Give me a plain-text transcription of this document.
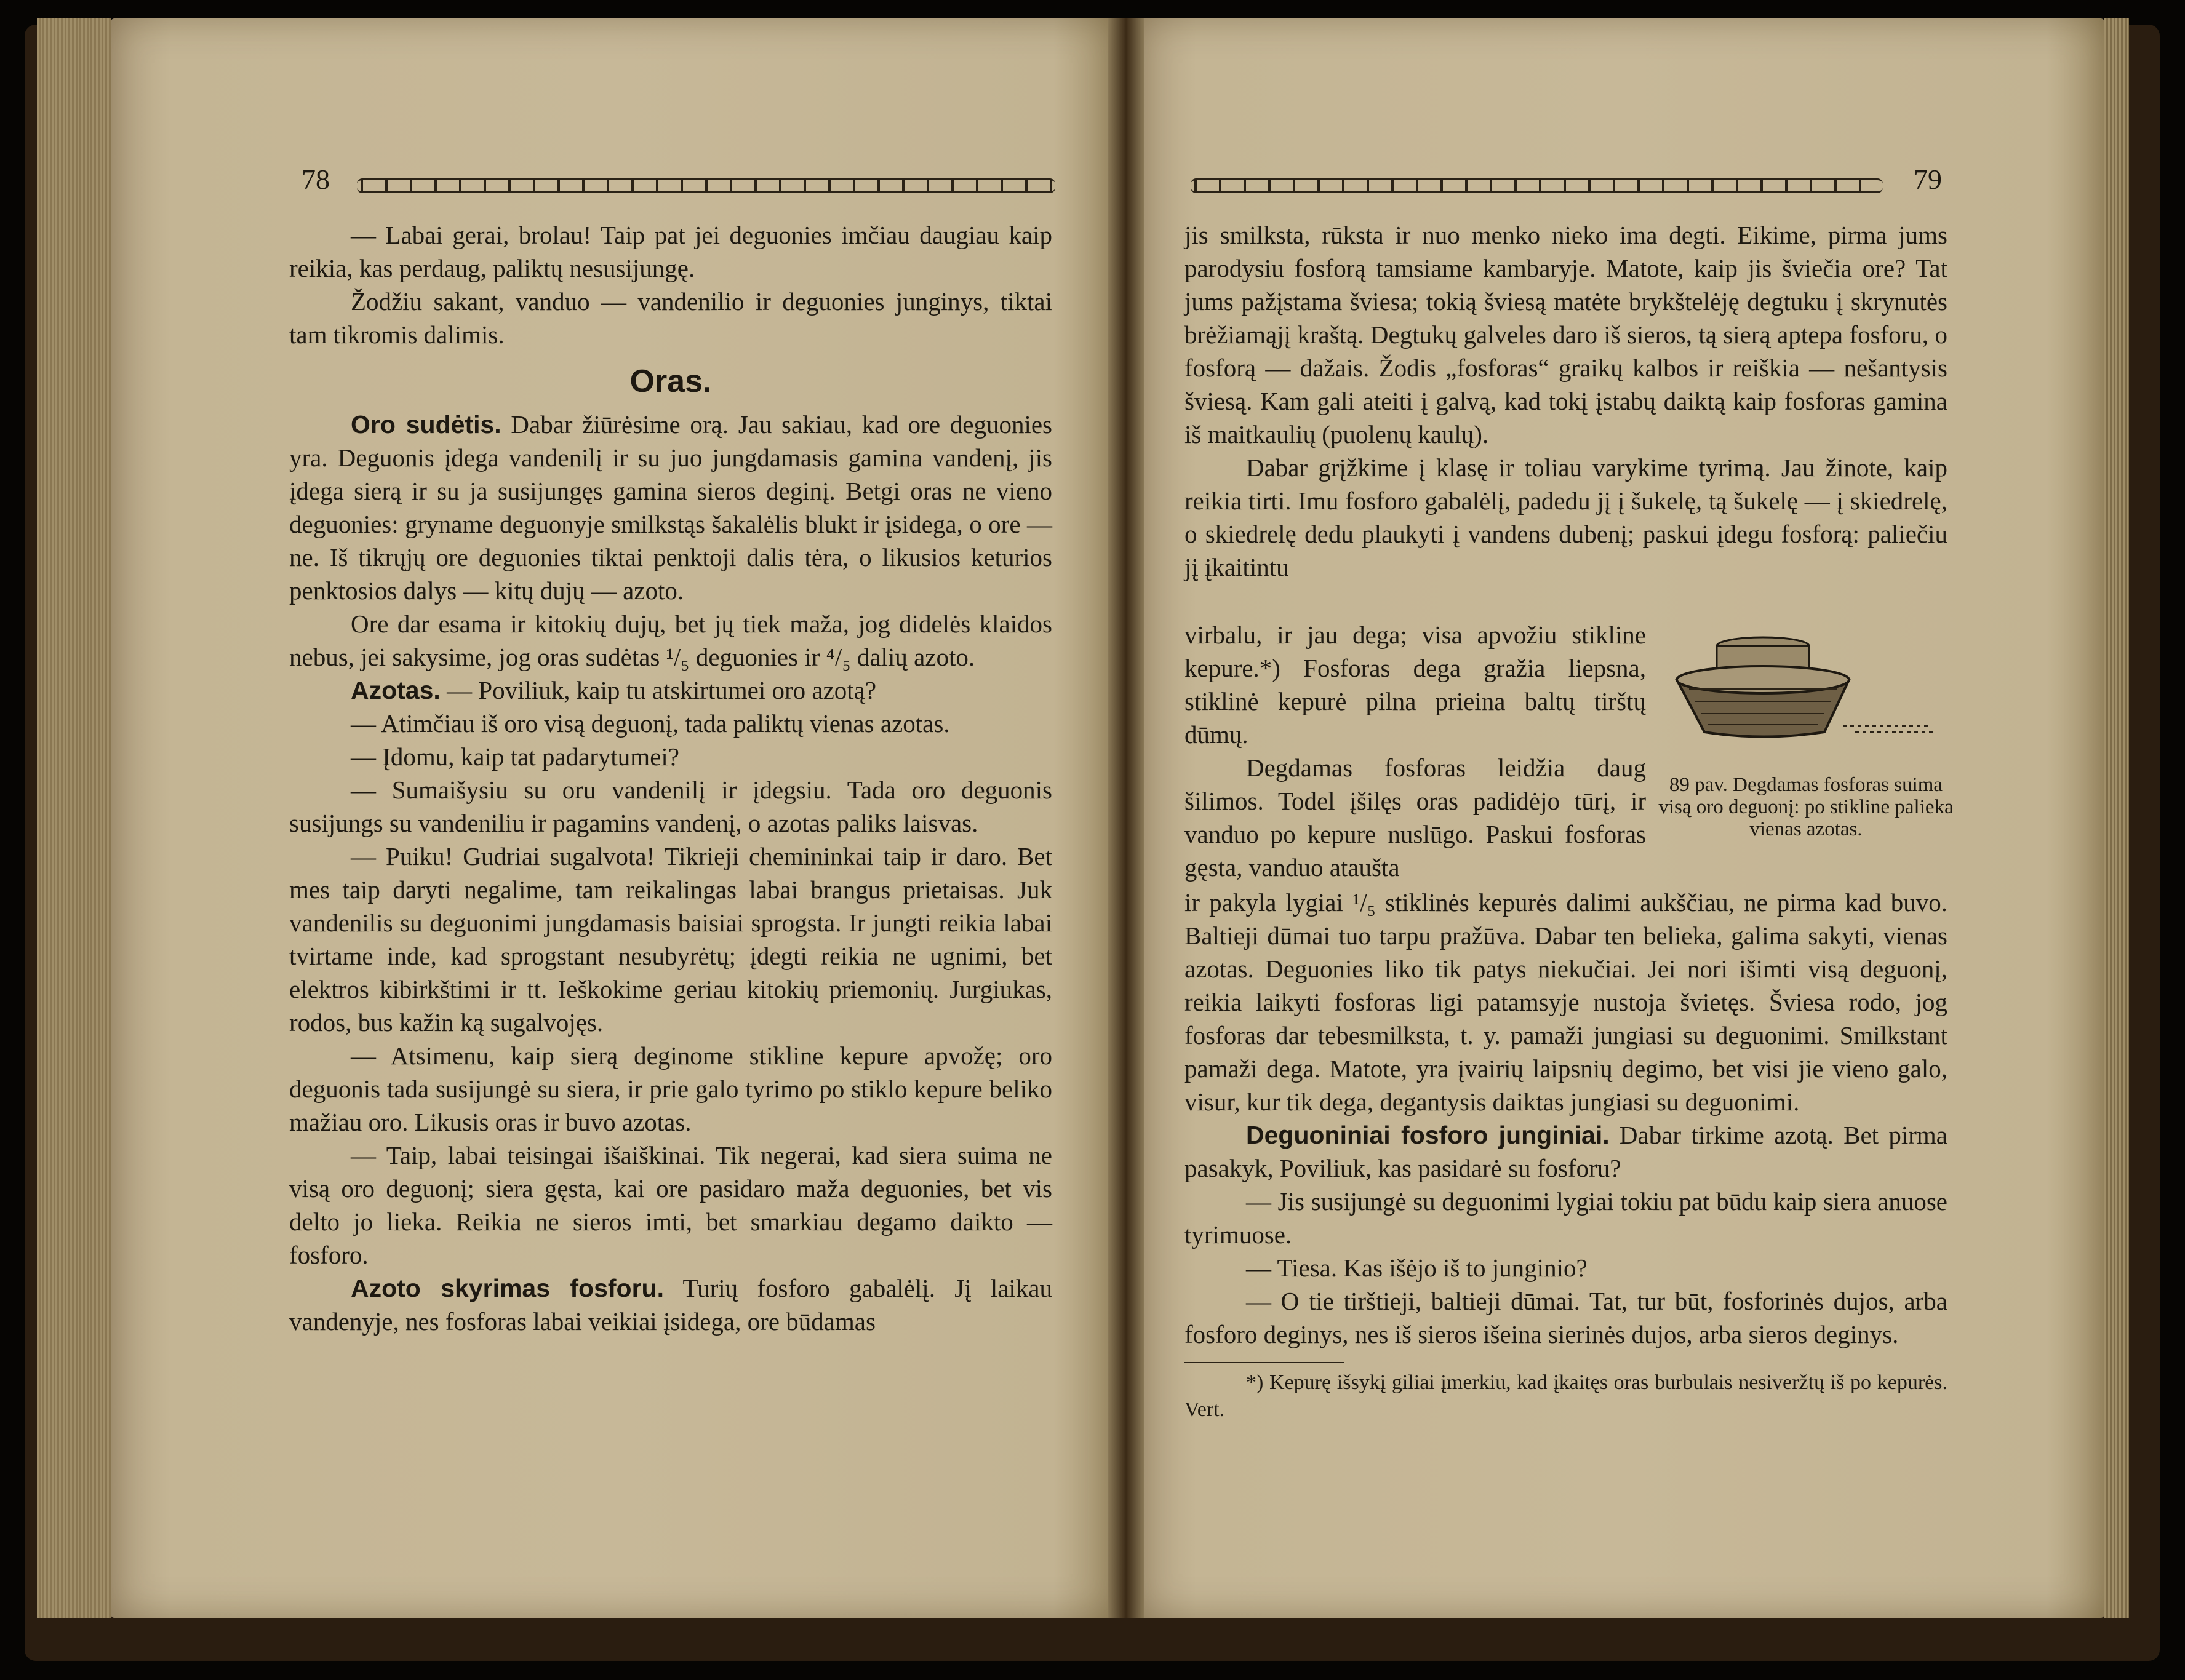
78

— Labai gerai, brolau! Taip pat jei deguonies imčiau daugiau kaip reikia, kas perdaug, paliktų nesusijungę.

Žodžiu sakant, vanduo — vandenilio ir deguonies junginys, tiktai tam tikromis dalimis.

Oras.

Oro sudėtis. Dabar žiūrėsime orą. Jau sakiau, kad ore deguonies yra. Deguonis įdega vandenilį ir su juo jungdamasis gamina vandenį, jis įdega sierą ir su ja susijungęs gamina sieros deginį. Betgi oras ne vieno deguonies: gryname deguonyje smilkstąs šakalėlis blukt ir įsidega, o ore — ne. Iš tikrųjų ore deguonies tiktai penktoji dalis tėra, o likusios keturios penktosios dalys — kitų dujų — azoto.

Ore dar esama ir kitokių dujų, bet jų tiek maža, jog didelės klaidos nebus, jei sakysime, jog oras sudėtas ¹/₅ deguonies ir ⁴/₅ dalių azoto.

Azotas. — Poviliuk, kaip tu atskirtumei oro azotą?

— Atimčiau iš oro visą deguonį, tada paliktų vienas azotas.

— Įdomu, kaip tat padarytumei?

— Sumaišysiu su oru vandenilį ir įdegsiu. Tada oro deguonis susijungs su vandeniliu ir pagamins vandenį, o azotas paliks laisvas.

— Puiku! Gudriai sugalvota! Tikrieji chemininkai taip ir daro. Bet mes taip daryti negalime, tam reikalingas labai brangus prietaisas. Juk vandenilis su deguonimi jungdamasis baisiai sprogsta. Ir jungti reikia labai tvirtame inde, kad sprogstant nesubyrėtų; įdegti reikia ne ugnimi, bet elektros kibirkštimi ir tt. Ieškokime geriau kitokių priemonių. Jurgiukas, rodos, bus kažin ką sugalvojęs.

— Atsimenu, kaip sierą deginome stikline kepure apvožę; oro deguonis tada susijungė su siera, ir prie galo tyrimo po stiklo kepure beliko mažiau oro. Likusis oras ir buvo azotas.

— Taip, labai teisingai išaiškinai. Tik negerai, kad siera suima ne visą oro deguonį; siera gęsta, kai ore pasidaro maža deguonies, bet vis delto jo lieka. Reikia ne sieros imti, bet smarkiau degamo daikto — fosforo.

Azoto skyrimas fosforu. Turių fosforo gabalėlį. Jį laikau vandenyje, nes fosforas labai veikiai įsidega, ore būdamas

79

jis smilksta, rūksta ir nuo menko nieko ima degti. Eikime, pirma jums parodysiu fosforą tamsiame kambaryje. Matote, kaip jis šviečia ore? Tat jums pažįstama šviesa; tokią šviesą matėte brykštelėję degtuku į skrynutės brėžiamąjį kraštą. Degtukų galveles daro iš sieros, tą sierą aptepa fosforu, o fosforą — dažais. Žodis „fosforas“ graikų kalbos ir reiškia — nešantysis šviesą. Kam gali ateiti į galvą, kad tokį įstabų daiktą kaip fosforas gamina iš maitkaulių (puolenų kaulų).

Dabar grįžkime į klasę ir toliau varykime tyrimą. Jau žinote, kaip reikia tirti. Imu fosforo gabalėlį, padedu jį į šukelę, tą šukelę — į skiedrelę, o skiedrelę dedu plaukyti į vandens dubenį; paskui įdegu fosforą: paliečiu jį įkaitintu

virbalu, ir jau dega; visa apvožiu stikline kepure.*) Fosforas dega gražia liepsna, stiklinė kepurė pilna prieina baltų tirštų dūmų.

Degdamas fosforas leidžia daug šilimos. Todel įšilęs oras padidėjo tūrį, ir vanduo po kepure nuslūgo. Paskui fosforas gęsta, vanduo ataušta

89 pav. Degdamas fosforas suima visą oro deguonį: po stikline palieka vienas azotas.

ir pakyla lygiai ¹/₅ stiklinės kepurės dalimi aukščiau, ne pirma kad buvo. Baltieji dūmai tuo tarpu pražūva. Dabar ten belieka, galima sakyti, vienas azotas. Deguonies liko tik patys niekučiai. Jei nori išimti visą deguonį, reikia laikyti fosforas ligi patamsyje nustoja švietęs. Šviesa rodo, jog fosforas dar tebesmilksta, t. y. pamaži jungiasi su deguonimi. Smilkstant pamaži dega. Matote, yra įvairių laipsnių degimo, bet visi jie vieno galo, visur, kur tik dega, degantysis daiktas jungiasi su deguonimi.

Deguoniniai fosforo junginiai. Dabar tirkime azotą. Bet pirma pasakyk, Poviliuk, kas pasidarė su fosforu?

— Jis susijungė su deguonimi lygiai tokiu pat būdu kaip siera anuose tyrimuose.

— Tiesa. Kas išėjo iš to junginio?

— O tie tirštieji, baltieji dūmai. Tat, tur būt, fosforinės dujos, arba fosforo deginys, nes iš sieros išeina sierinės dujos, arba sieros deginys.

*) Kepurę išsykį giliai įmerkiu, kad įkaitęs oras burbulais nesiveržtų iš po kepurės. Vert.
